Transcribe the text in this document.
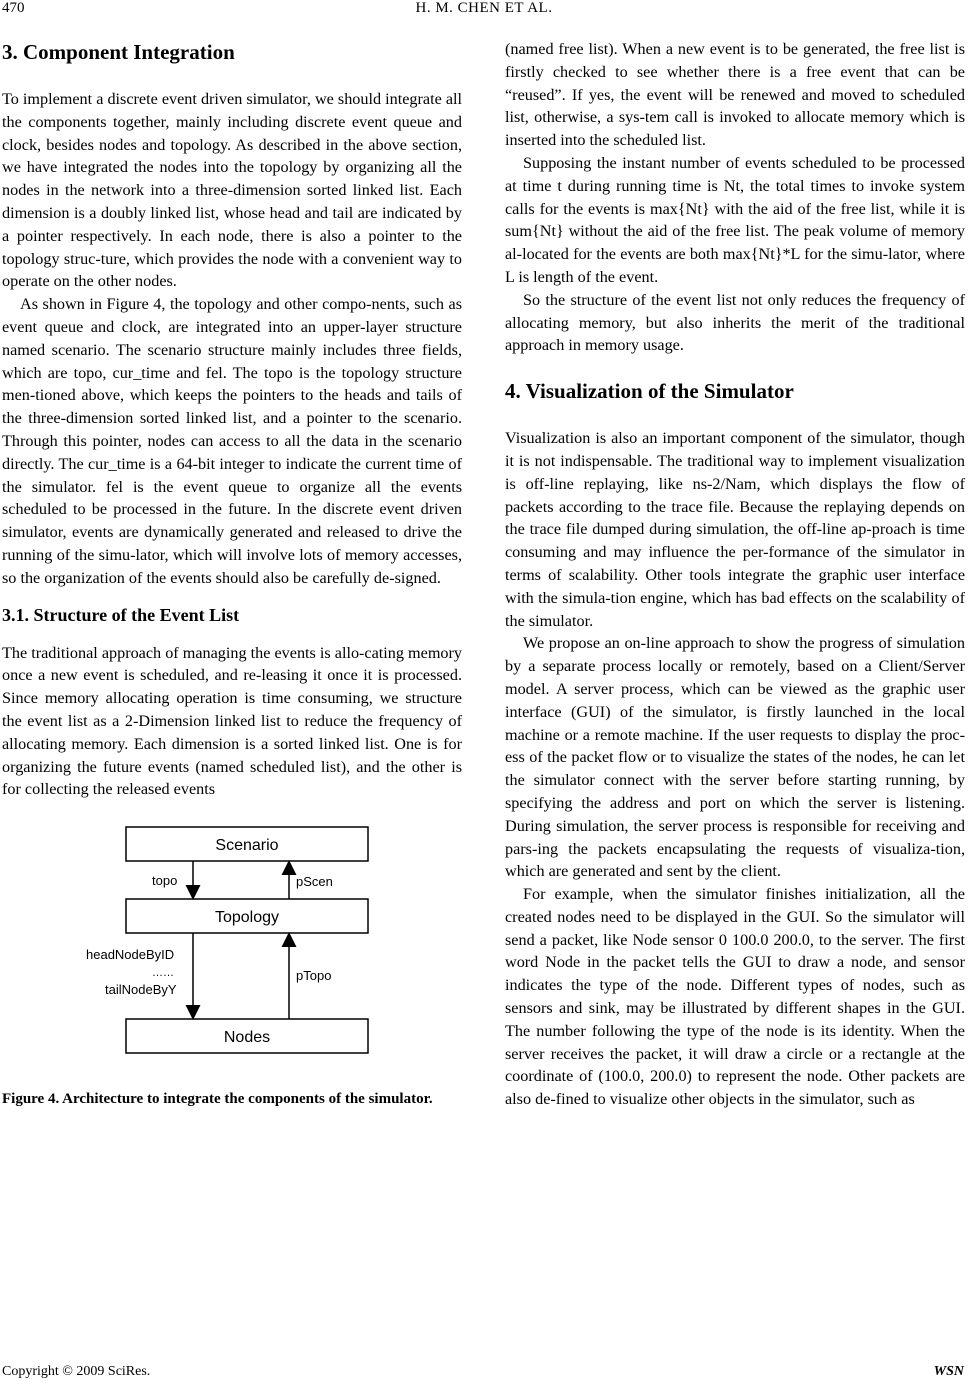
470	H. M. CHEN ET AL.
3. Component Integration

To implement a discrete event driven simulator, we should integrate all the components together, mainly including discrete event queue and clock, besides nodes and topology. As described in the above section, we have integrated the nodes into the topology by organizing all the nodes in the network into a three-dimension sorted linked list. Each dimension is a doubly linked list, whose head and tail are indicated by a pointer respectively. In each node, there is also a pointer to the topology struc-ture, which provides the node with a convenient way to operate on the other nodes.

As shown in Figure 4, the topology and other compo-nents, such as event queue and clock, are integrated into an upper-layer structure named scenario. The scenario structure mainly includes three fields, which are topo, cur_time and fel. The topo is the topology structure men-tioned above, which keeps the pointers to the heads and tails of the three-dimension sorted linked list, and a pointer to the scenario. Through this pointer, nodes can access to all the data in the scenario directly. The cur_time is a 64-bit integer to indicate the current time of the simulator. fel is the event queue to organize all the events scheduled to be processed in the future. In the discrete event driven simulator, events are dynamically generated and released to drive the running of the simu-lator, which will involve lots of memory accesses, so the organization of the events should also be carefully de-signed.

3.1. Structure of the Event List

The traditional approach of managing the events is allo-cating memory once a new event is scheduled, and re-leasing it once it is processed. Since memory allocating operation is time consuming, we structure the event list as a 2-Dimension linked list to reduce the frequency of allocating memory. Each dimension is a sorted linked list. One is for organizing the future events (named scheduled list), and the other is for collecting the released events

Scenario
Topology
Nodes
topo	pScen
headNodeByID
……
tailNodeByY
pTopo

Figure 4. Architecture to integrate the components of the simulator.

(named free list). When a new event is to be generated, the free list is firstly checked to see whether there is a free event that can be “reused”. If yes, the event will be renewed and moved to scheduled list, otherwise, a sys-tem call is invoked to allocate memory which is inserted into the scheduled list.

Supposing the instant number of events scheduled to be processed at time t during running time is Nt, the total times to invoke system calls for the events is max{Nt} with the aid of the free list, while it is sum{Nt} without the aid of the free list. The peak volume of memory al-located for the events are both max{Nt}*L for the simu-lator, where L is length of the event.

So the structure of the event list not only reduces the frequency of allocating memory, but also inherits the merit of the traditional approach in memory usage.

4. Visualization of the Simulator

Visualization is also an important component of the simulator, though it is not indispensable. The traditional way to implement visualization is off-line replaying, like ns-2/Nam, which displays the flow of packets according to the trace file. Because the replaying depends on the trace file dumped during simulation, the off-line ap-proach is time consuming and may influence the per-formance of the simulator in terms of scalability. Other tools integrate the graphic user interface with the simula-tion engine, which has bad effects on the scalability of the simulator.

We propose an on-line approach to show the progress of simulation by a separate process locally or remotely, based on a Client/Server model. A server process, which can be viewed as the graphic user interface (GUI) of the simulator, is firstly launched in the local machine or a remote machine. If the user requests to display the proc-ess of the packet flow or to visualize the states of the nodes, he can let the simulator connect with the server before starting running, by specifying the address and port on which the server is listening. During simulation, the server process is responsible for receiving and pars-ing the packets encapsulating the requests of visualiza-tion, which are generated and sent by the client.

For example, when the simulator finishes initialization, all the created nodes need to be displayed in the GUI. So the simulator will send a packet, like Node sensor 0 100.0 200.0, to the server. The first word Node in the packet tells the GUI to draw a node, and sensor indicates the type of the node. Different types of nodes, such as sensors and sink, may be illustrated by different shapes in the GUI. The number following the type of the node is its identity. When the server receives the packet, it will draw a circle or a rectangle at the coordinate of (100.0, 200.0) to represent the node. Other packets are also de-fined to visualize other objects in the simulator, such as

Copyright © 2009 SciRes.	WSN
